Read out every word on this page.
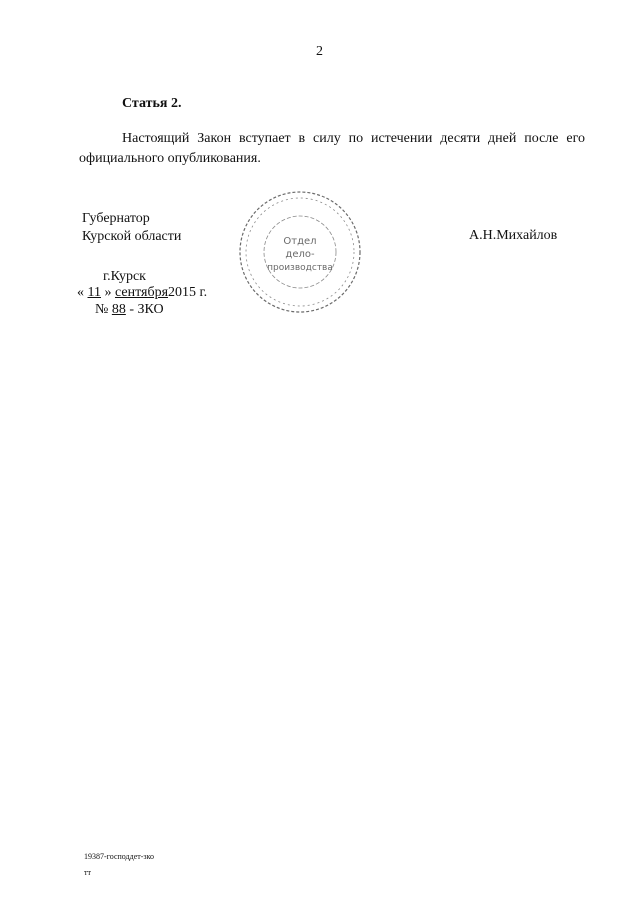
2
Статья 2.
Настоящий Закон вступает в силу по истечении десяти дней после его официального опубликования.
Губернатор
Курской области	А.Н.Михайлов
Отдел
дело-
производства
г.Курск
« 11 » сентября2015 г.
№ 88 - ЗКО
19387-господдет-зко
тт
